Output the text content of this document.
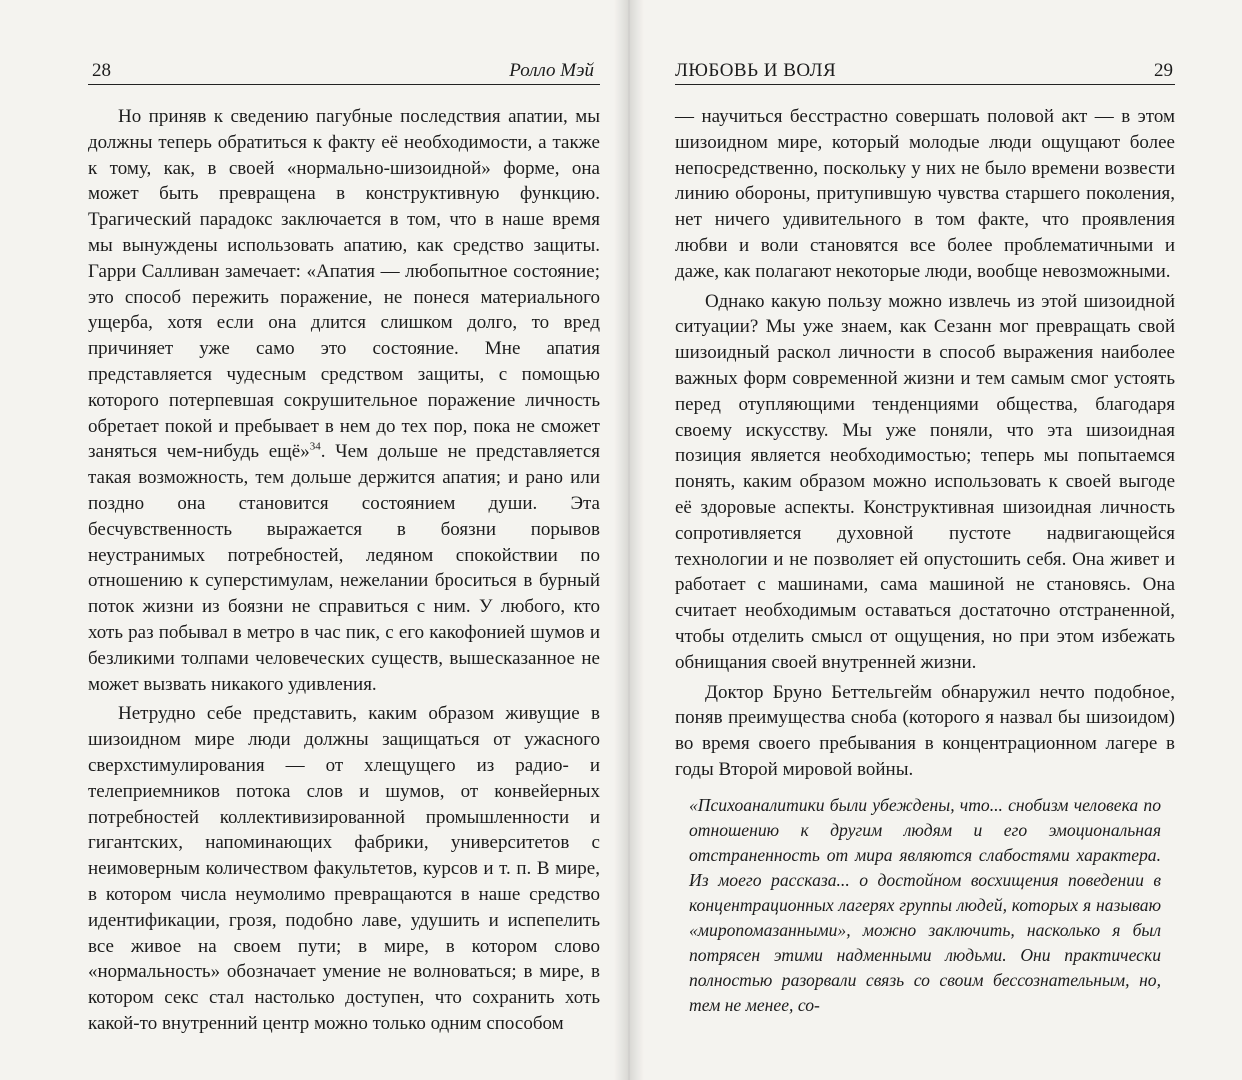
28	Ролло Мэй

Но приняв к сведению пагубные последствия апатии, мы должны теперь обратиться к факту её необходимости, а также к тому, как, в своей «нормально-шизоидной» форме, она может быть превращена в конструктивную функцию. Трагический парадокс заключается в том, что в наше время мы вынуждены использовать апатию, как средство защиты. Гарри Салливан замечает: «Апатия — любопытное состояние; это способ пережить поражение, не понеся материального ущерба, хотя если она длится слишком долго, то вред причиняет уже само это состояние. Мне апатия представляется чудесным средством защиты, с помощью которого потерпевшая сокрушительное поражение личность обретает покой и пребывает в нем до тех пор, пока не сможет заняться чем-нибудь ещё»$^{34}$. Чем дольше не представляется такая возможность, тем дольше держится апатия; и рано или поздно она становится состоянием души. Эта бесчувственность выражается в боязни порывов неустранимых потребностей, ледяном спокойствии по отношению к суперстимулам, нежелании броситься в бурный поток жизни из боязни не справиться с ним. У любого, кто хоть раз побывал в метро в час пик, с его какофонией шумов и безликими толпами человеческих существ, вышесказанное не может вызвать никакого удивления.

Нетрудно себе представить, каким образом живущие в шизоидном мире люди должны защищаться от ужасного сверхстимулирования — от хлещущего из радио- и телеприемников потока слов и шумов, от конвейерных потребностей коллективизированной промышленности и гигантских, напоминающих фабрики, университетов с неимоверным количеством факультетов, курсов и т. п. В мире, в котором числа неумолимо превращаются в наше средство идентификации, грозя, подобно лаве, удушить и испепелить все живое на своем пути; в мире, в котором слово «нормальность» обозначает умение не волноваться; в мире, в котором секс стал настолько доступен, что сохранить хоть какой-то внутренний центр можно только одним способом

ЛЮБОВЬ И ВОЛЯ	29

— научиться бесстрастно совершать половой акт — в этом шизоидном мире, который молодые люди ощущают более непосредственно, поскольку у них не было времени возвести линию обороны, притупившую чувства старшего поколения, нет ничего удивительного в том факте, что проявления любви и воли становятся все более проблематичными и даже, как полагают некоторые люди, вообще невозможными.

Однако какую пользу можно извлечь из этой шизоидной ситуации? Мы уже знаем, как Сезанн мог превращать свой шизоидный раскол личности в способ выражения наиболее важных форм современной жизни и тем самым смог устоять перед отупляющими тенденциями общества, благодаря своему искусству. Мы уже поняли, что эта шизоидная позиция является необходимостью; теперь мы попытаемся понять, каким образом можно использовать к своей выгоде её здоровые аспекты. Конструктивная шизоидная личность сопротивляется духовной пустоте надвигающейся технологии и не позволяет ей опустошить себя. Она живет и работает с машинами, сама машиной не становясь. Она считает необходимым оставаться достаточно отстраненной, чтобы отделить смысл от ощущения, но при этом избежать обнищания своей внутренней жизни.

Доктор Бруно Беттельгейм обнаружил нечто подобное, поняв преимущества сноба (которого я назвал бы шизоидом) во время своего пребывания в концентрационном лагере в годы Второй мировой войны.

«Психоаналитики были убеждены, что... снобизм человека по отношению к другим людям и его эмоциональная отстраненность от мира являются слабостями характера. Из моего рассказа... о достойном восхищения поведении в концентрационных лагерях группы людей, которых я называю «миропомазанными», можно заключить, насколько я был потрясен этими надменными людьми. Они практически полностью разорвали связь со своим бессознательным, но, тем не менее, со-
